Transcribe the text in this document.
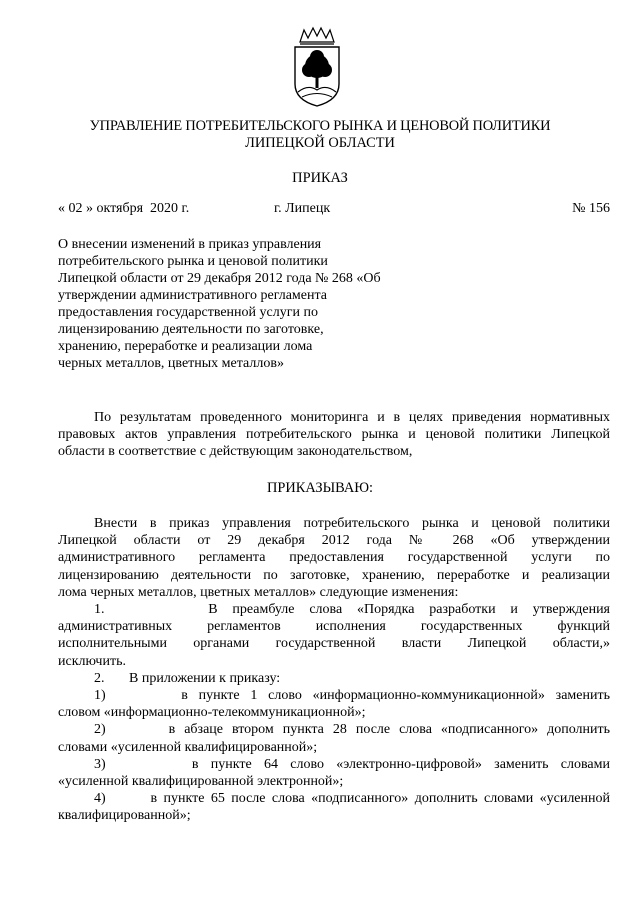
УПРАВЛЕНИЕ ПОТРЕБИТЕЛЬСКОГО РЫНКА И ЦЕНОВОЙ ПОЛИТИКИ
ЛИПЕЦКОЙ ОБЛАСТИ
ПРИКАЗ
« 02 » октября  2020 г.	г. Липецк	№ 156
О внесении изменений в приказ управления
потребительского рынка и ценовой политики
Липецкой области от 29 декабря 2012 года № 268 «Об
утверждении административного регламента
предоставления государственной услуги по
лицензированию деятельности по заготовке,
хранению, переработке и реализации лома
черных металлов, цветных металлов»
По результатам проведенного мониторинга и в целях приведения нормативных
правовых актов управления потребительского рынка и ценовой политики Липецкой
области в соответствие с действующим законодательством,
ПРИКАЗЫВАЮ:
Внести в приказ управления потребительского рынка и ценовой политики
Липецкой области от 29 декабря 2012 года № 268 «Об утверждении
административного регламента предоставления государственной услуги по
лицензированию деятельности по заготовке, хранению, переработке и реализации
лома черных металлов, цветных металлов» следующие изменения:
1.       В преамбуле слова «Порядка разработки и утверждения
административных регламентов исполнения государственных функций
исполнительными органами государственной власти Липецкой области,»
исключить.
2.       В приложении к приказу:
1)       в пункте 1 слово «информационно-коммуникационной» заменить
словом «информационно-телекоммуникационной»;
2)       в абзаце втором пункта 28 после слова «подписанного» дополнить
словами «усиленной квалифицированной»;
3)       в пункте 64 слово «электронно-цифровой» заменить словами
«усиленной квалифицированной электронной»;
4)       в пункте 65 после слова «подписанного» дополнить словами «усиленной
квалифицированной»;
